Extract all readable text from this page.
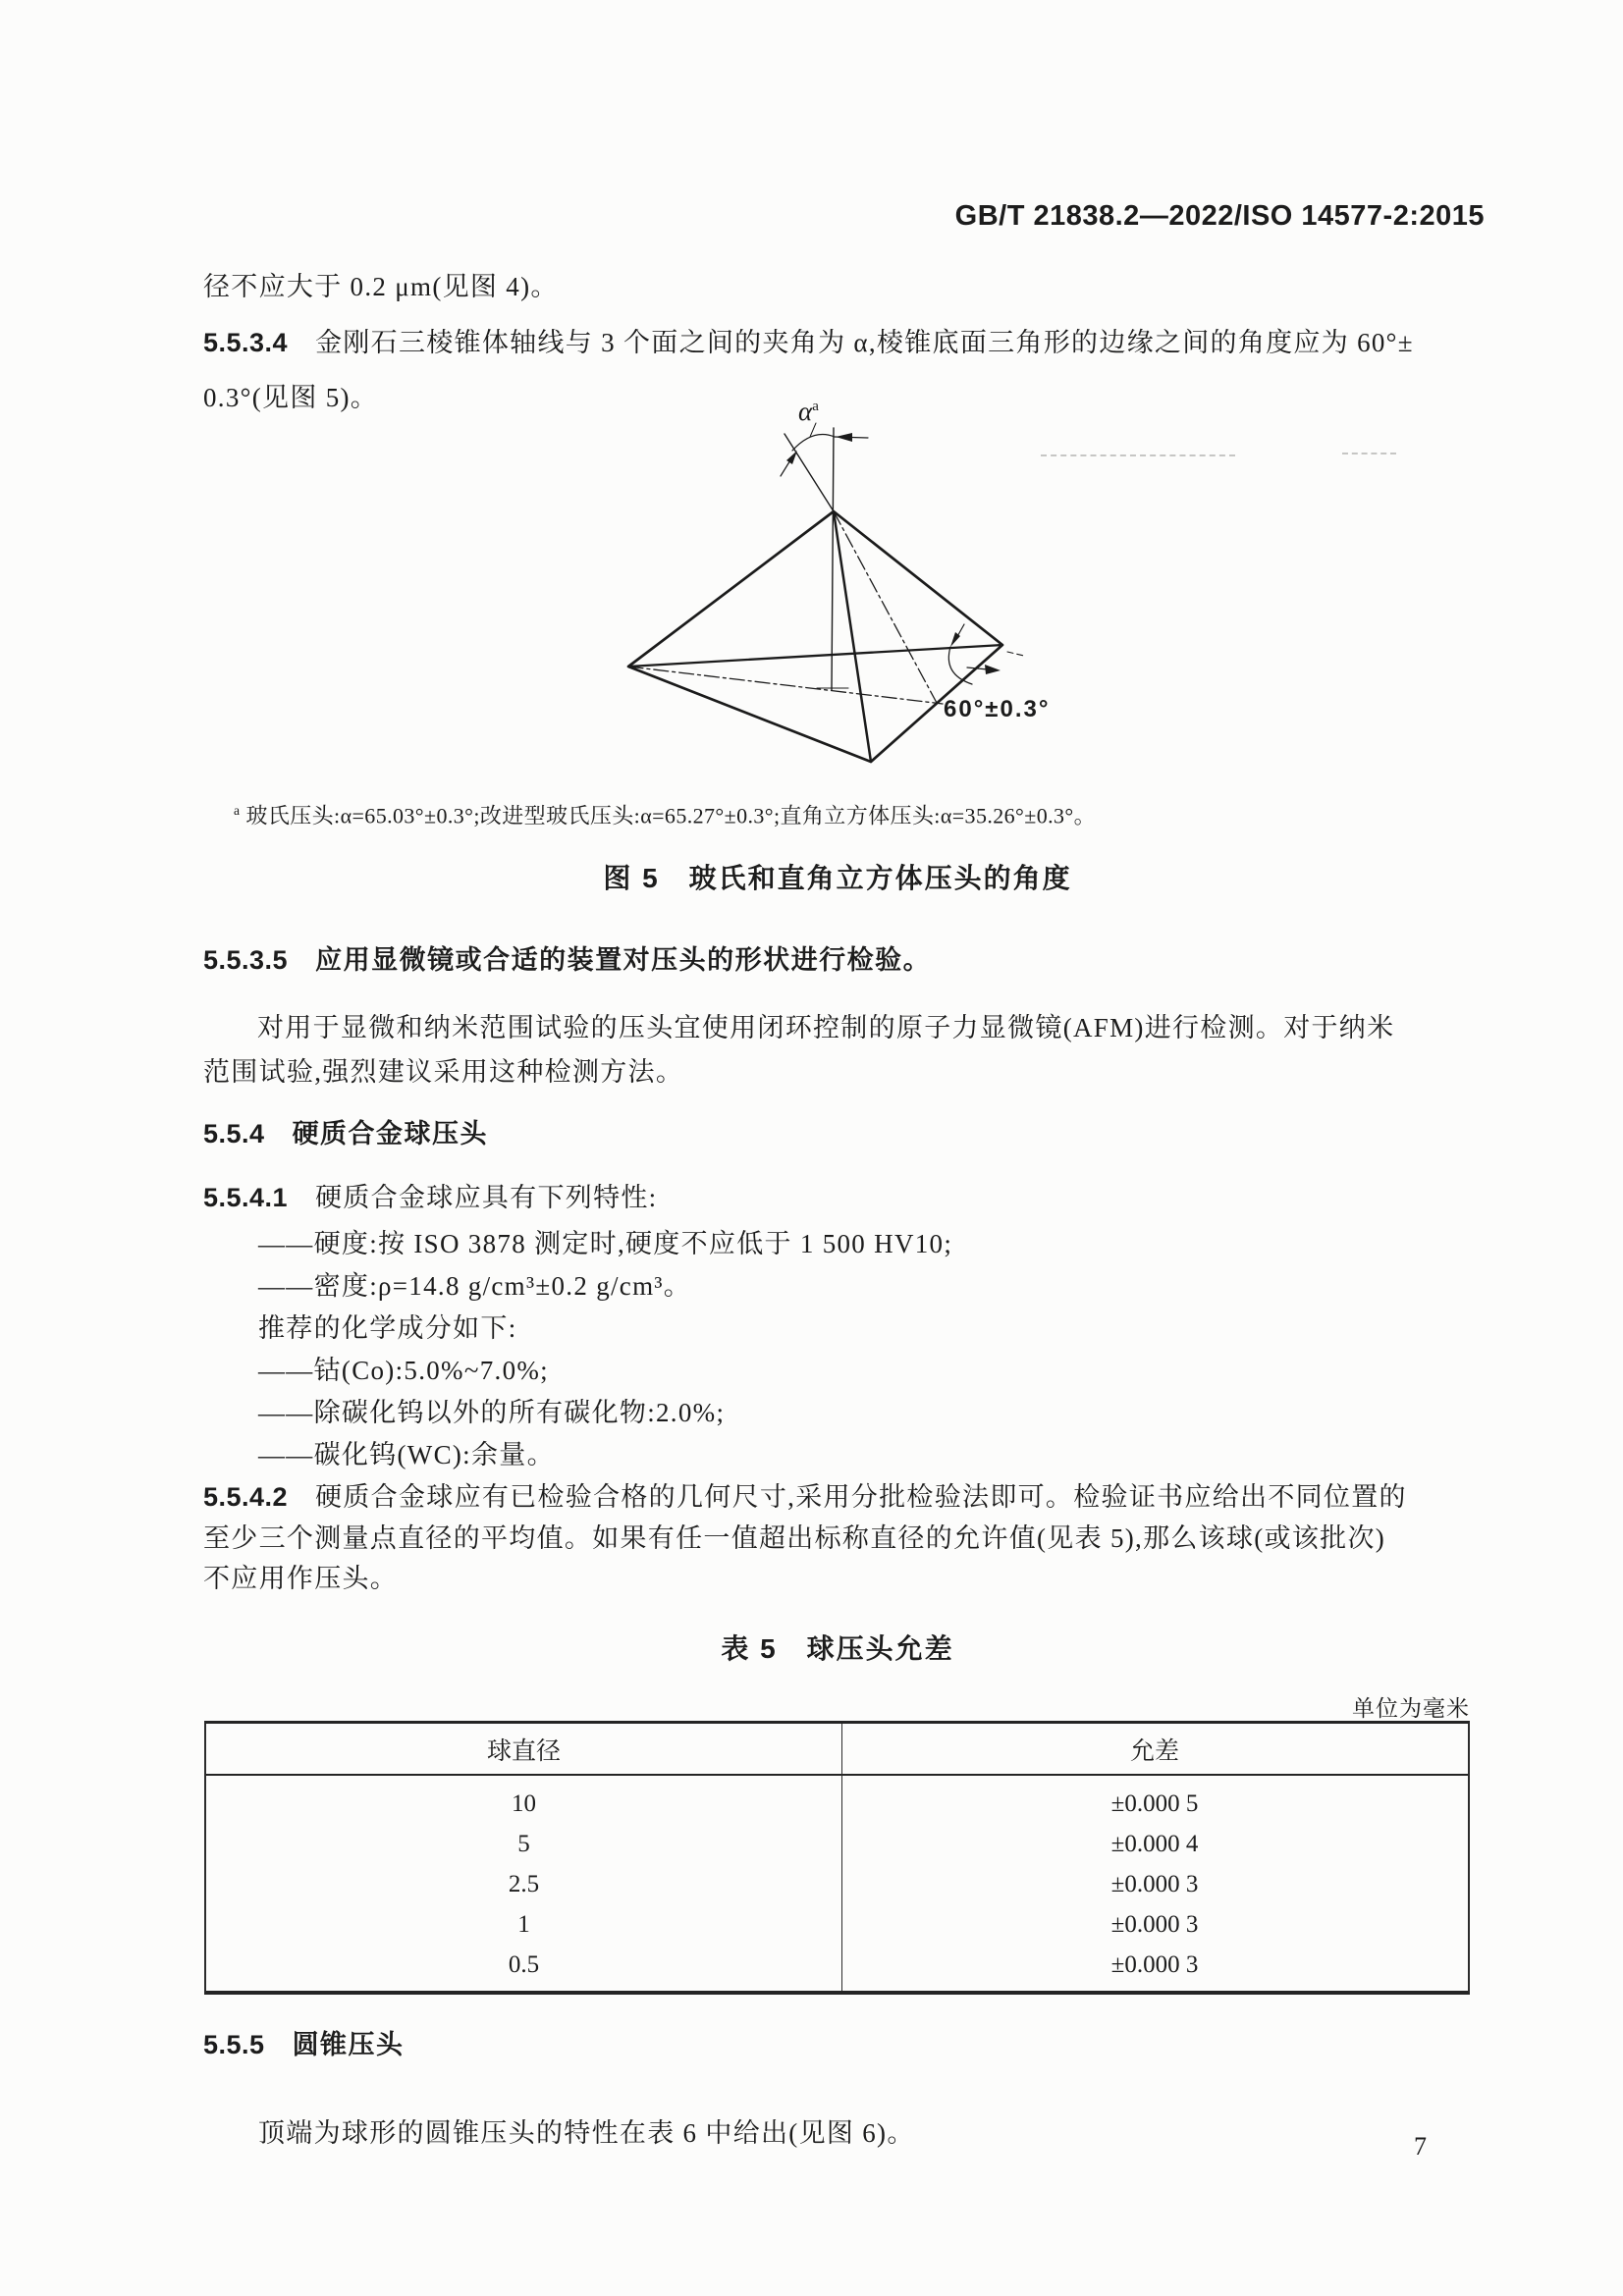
GB/T 21838.2—2022/ISO 14577-2:2015
径不应大于 0.2 μm(见图 4)。
5.5.3.4 金刚石三棱锥体轴线与 3 个面之间的夹角为 α,棱锥底面三角形的边缘之间的角度应为 60°±
0.3°(见图 5)。	$\alpha^a$
60°±0.3°
$^a$ 玻氏压头:α=65.03°±0.3°;改进型玻氏压头:α=65.27°±0.3°;直角立方体压头:α=35.26°±0.3°。
图 5　玻氏和直角立方体压头的角度
5.5.3.5 应用显微镜或合适的装置对压头的形状进行检验。
对用于显微和纳米范围试验的压头宜使用闭环控制的原子力显微镜(AFM)进行检测。对于纳米
范围试验,强烈建议采用这种检测方法。
5.5.4 硬质合金球压头
5.5.4.1 硬质合金球应具有下列特性:
——硬度:按 ISO 3878 测定时,硬度不应低于 1 500 HV10;
——密度:ρ=14.8 g/cm³±0.2 g/cm³。
推荐的化学成分如下:
——钴(Co):5.0%~7.0%;
——除碳化钨以外的所有碳化物:2.0%;
——碳化钨(WC):余量。
5.5.4.2 硬质合金球应有已检验合格的几何尺寸,采用分批检验法即可。检验证书应给出不同位置的
至少三个测量点直径的平均值。如果有任一值超出标称直径的允许值(见表 5),那么该球(或该批次)
不应用作压头。
表 5　球压头允差
单位为毫米
球直径	允差
10	±0.000 5
5	±0.000 4
2.5	±0.000 3
1	±0.000 3
0.5	±0.000 3
5.5.5 圆锥压头
顶端为球形的圆锥压头的特性在表 6 中给出(见图 6)。	7
